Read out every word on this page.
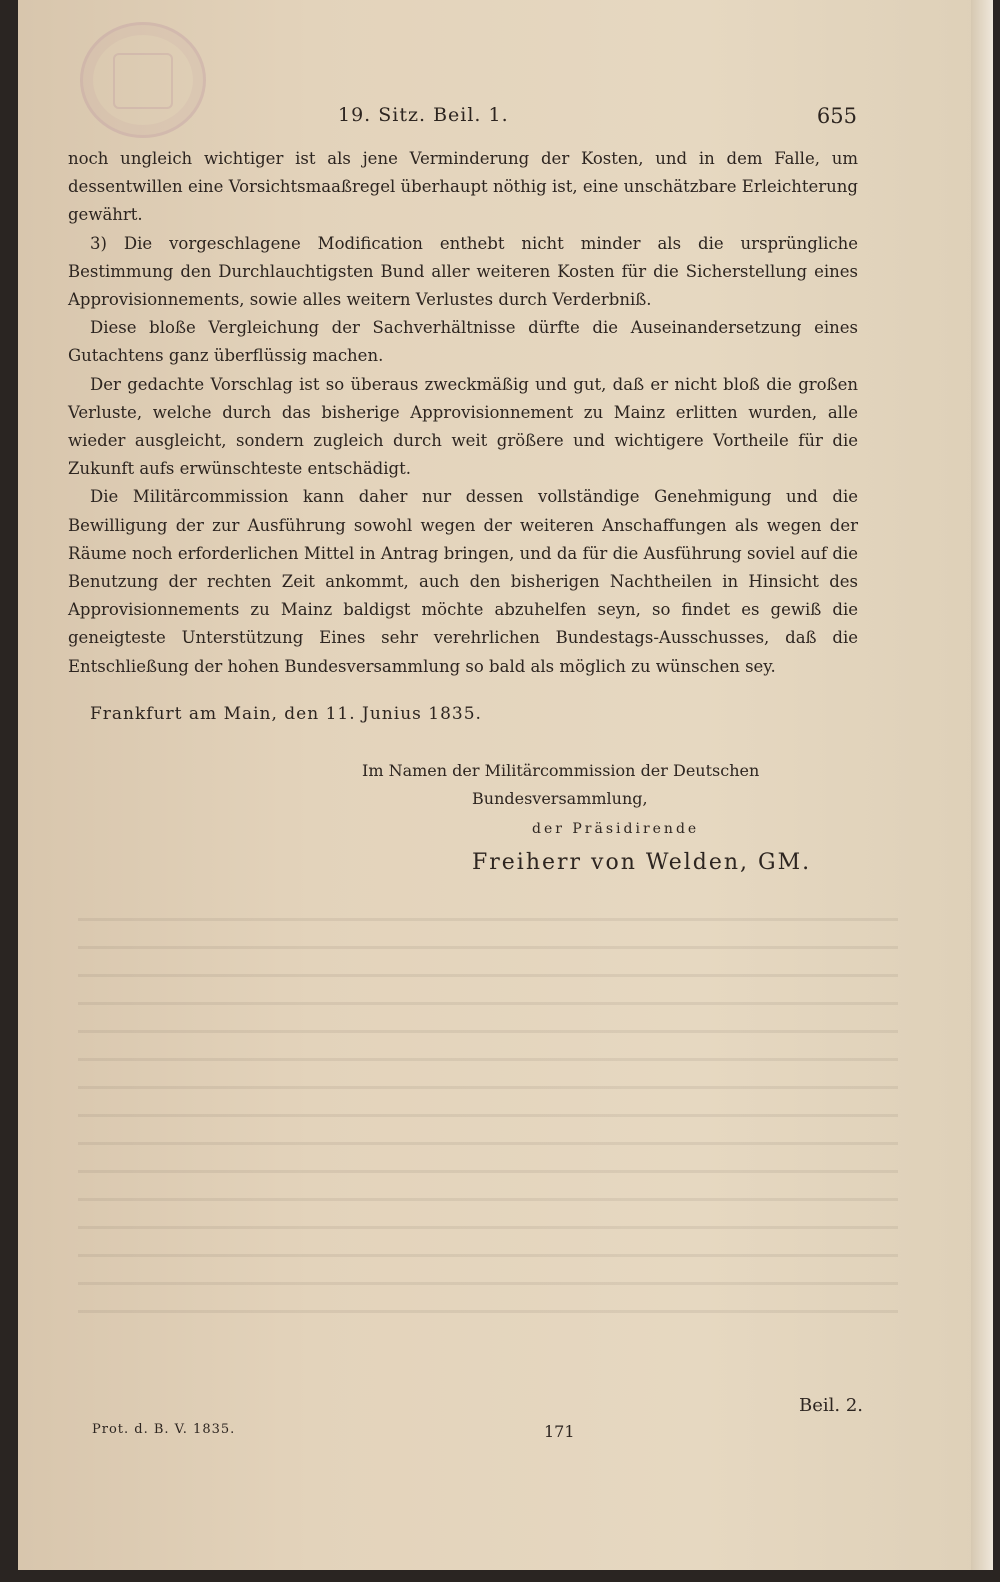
19. Sitz. Beil. 1.	655

noch ungleich wichtiger ist als jene Verminderung der Kosten, und in dem Falle, um dessentwillen eine Vorsichtsmaaßregel überhaupt nöthig ist, eine unschätzbare Erleichterung gewährt.

3) Die vorgeschlagene Modification enthebt nicht minder als die ursprüngliche Bestimmung den Durchlauchtigsten Bund aller weiteren Kosten für die Sicherstellung eines Approvisionnements, sowie alles weitern Verlustes durch Verderbniß.

Diese bloße Vergleichung der Sachverhältnisse dürfte die Auseinandersetzung eines Gutachtens ganz überflüssig machen.

Der gedachte Vorschlag ist so überaus zweckmäßig und gut, daß er nicht bloß die großen Verluste, welche durch das bisherige Approvisionnement zu Mainz erlitten wurden, alle wieder ausgleicht, sondern zugleich durch weit größere und wichtigere Vortheile für die Zukunft aufs erwünschteste entschädigt.

Die Militärcommission kann daher nur dessen vollständige Genehmigung und die Bewilligung der zur Ausführung sowohl wegen der weiteren Anschaffungen als wegen der Räume noch erforderlichen Mittel in Antrag bringen, und da für die Ausführung soviel auf die Benutzung der rechten Zeit ankommt, auch den bisherigen Nachtheilen in Hinsicht des Approvisionnements zu Mainz baldigst möchte abzuhelfen seyn, so findet es gewiß die geneigteste Unterstützung Eines sehr verehrlichen Bundestags-Ausschusses, daß die Entschließung der hohen Bundesversammlung so bald als möglich zu wünschen sey.

Frankfurt am Main, den 11. Junius 1835.
Im Namen der Militärcommission der Deutschen
Bundesversammlung,
der Präsidirende
Freiherr von Welden, GM.
Beil. 2.
Prot. d. B. V. 1835.	171
